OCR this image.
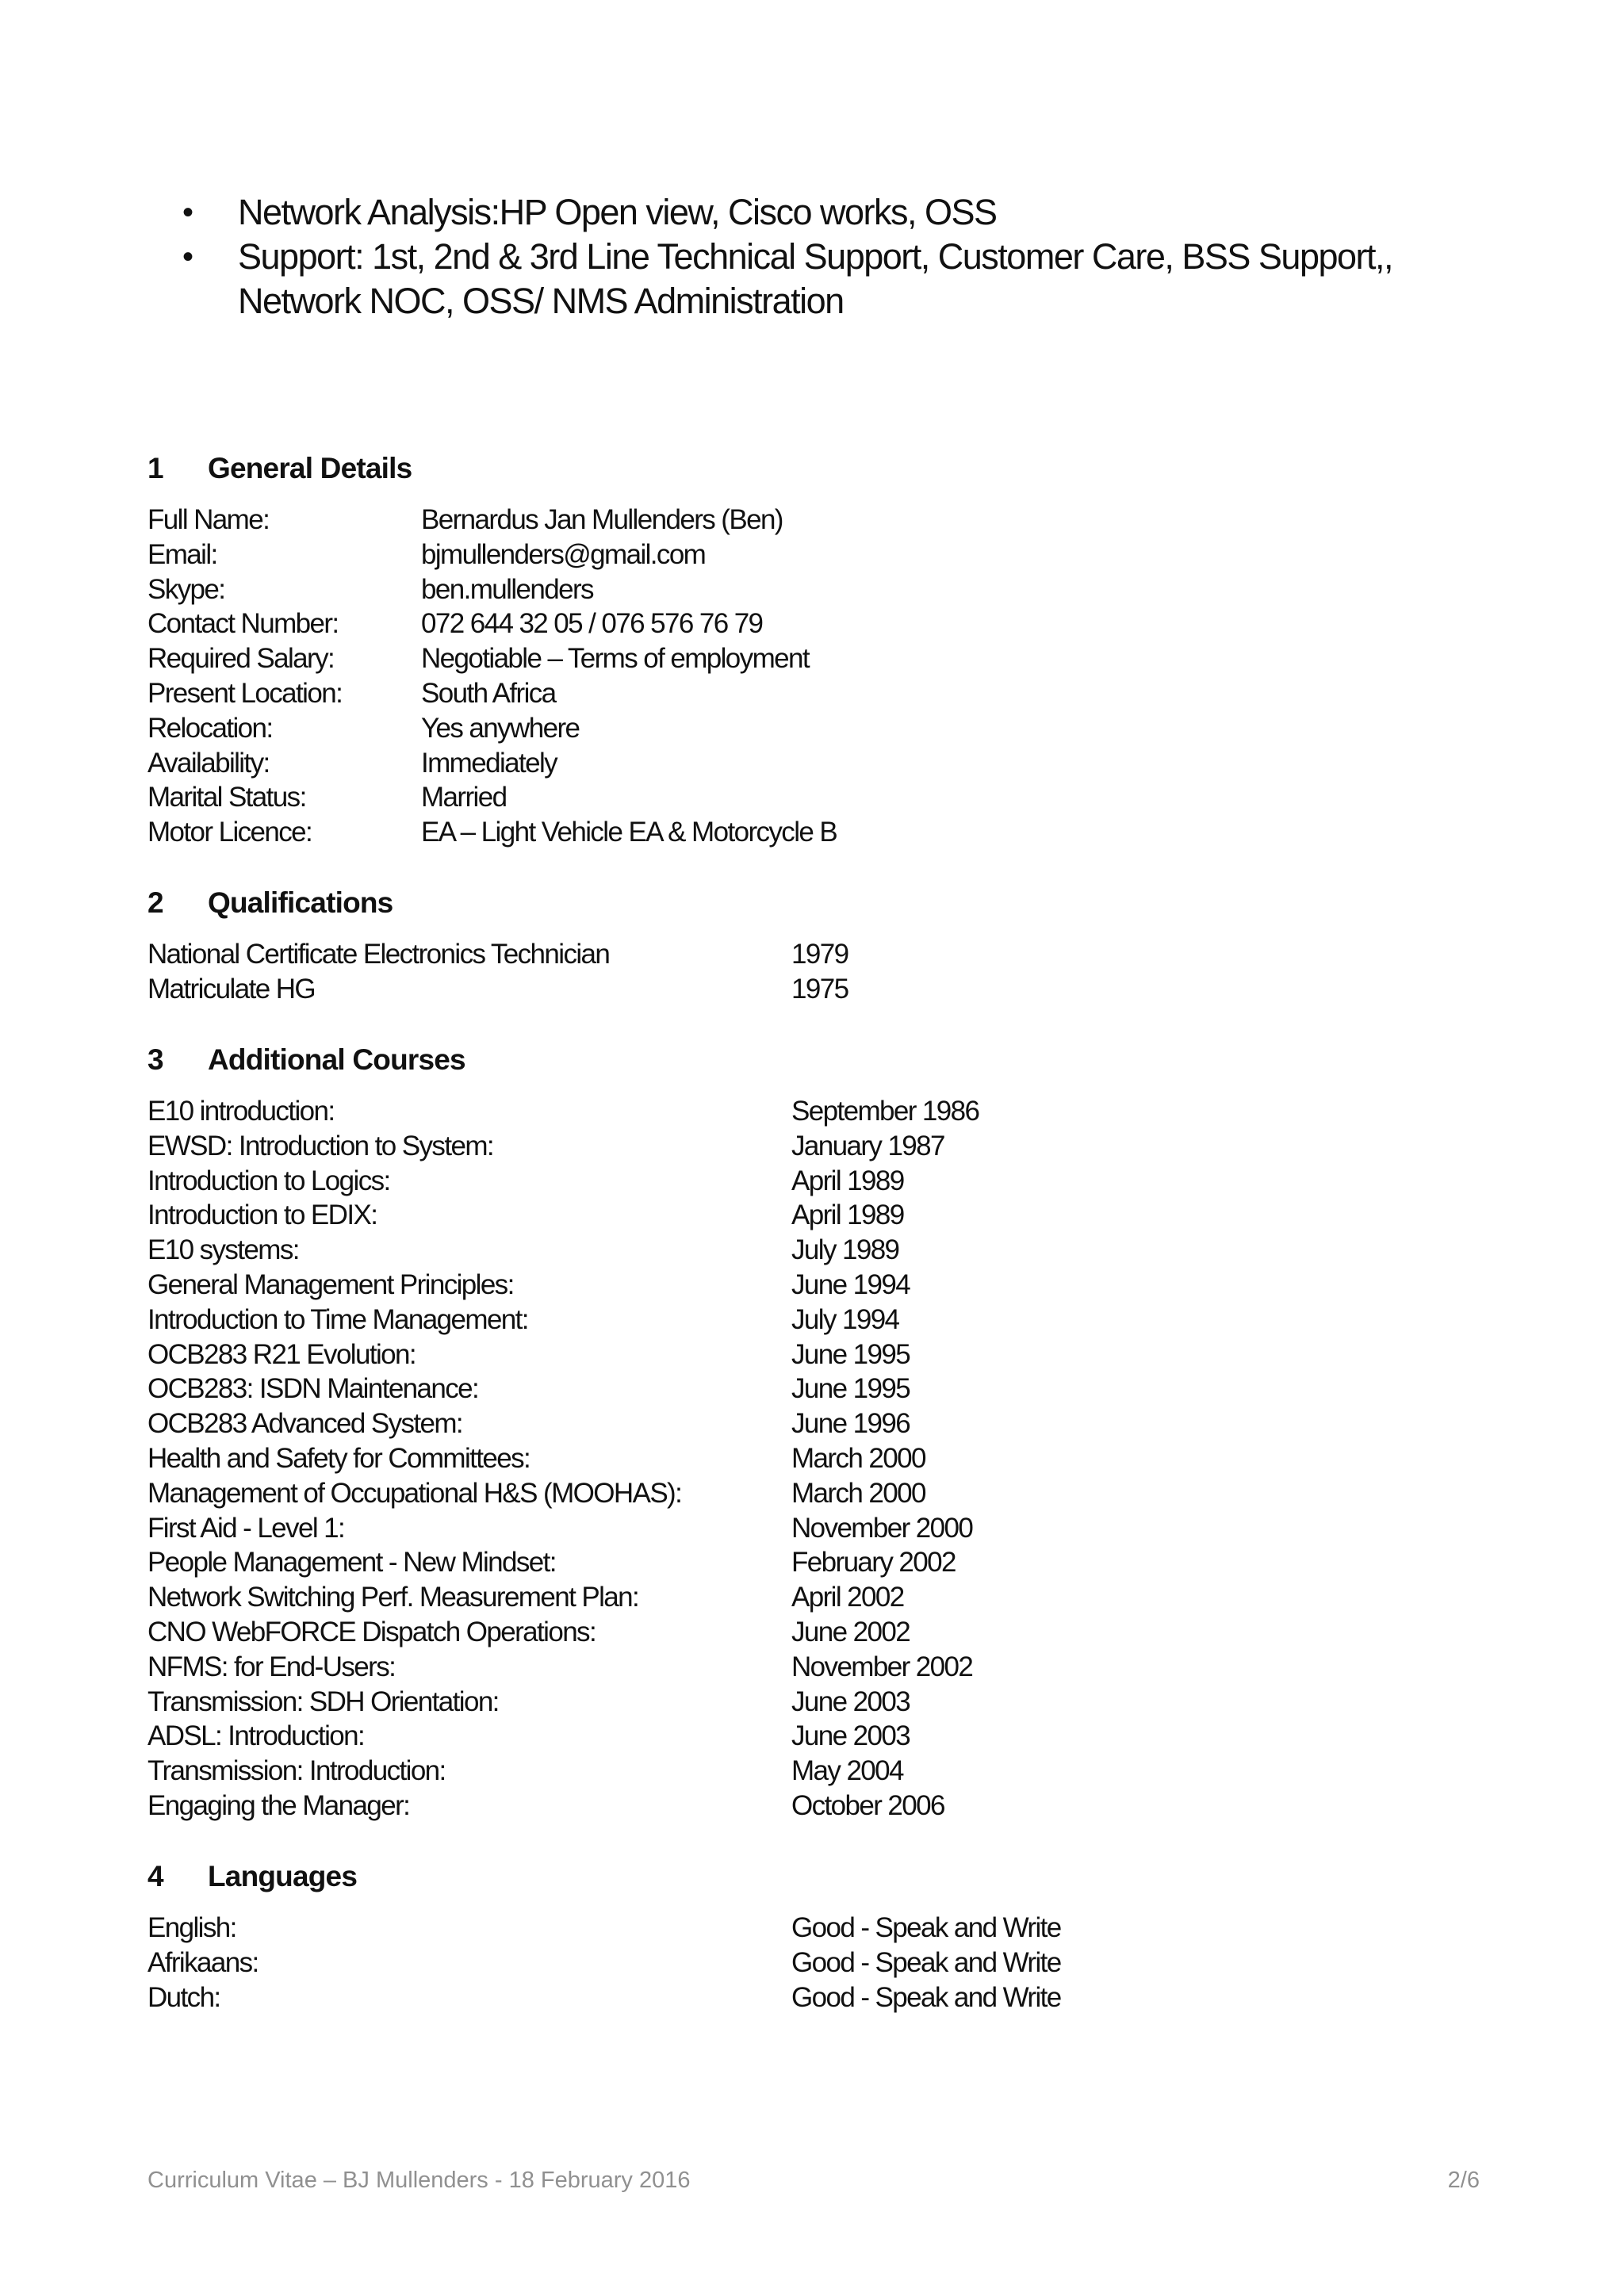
• Network Analysis:HP Open view, Cisco works, OSS
• Support: 1st, 2nd & 3rd Line Technical Support, Customer Care, BSS Support,, Network NOC, OSS/ NMS Administration
1 General Details
Full Name:	Bernardus Jan Mullenders (Ben)
Email:	bjmullenders@gmail.com
Skype:	ben.mullenders
Contact Number:	072 644 32 05 / 076 576 76 79
Required Salary:	Negotiable – Terms of employment
Present Location:	South Africa
Relocation:	Yes anywhere
Availability:	Immediately
Marital Status:	Married
Motor Licence:	EA – Light Vehicle EA & Motorcycle B
2 Qualifications
National Certificate Electronics Technician	1979
Matriculate HG	1975
3 Additional Courses
E10 introduction:	September 1986
EWSD: Introduction to System:	January 1987
Introduction to Logics:	April 1989
Introduction to EDIX:	April 1989
E10 systems:	July 1989
General Management Principles:	June 1994
Introduction to Time Management:	July 1994
OCB283 R21 Evolution:	June 1995
OCB283: ISDN Maintenance:	June 1995
OCB283 Advanced System:	June 1996
Health and Safety for Committees:	March 2000
Management of Occupational H&S (MOOHAS):	March 2000
First Aid - Level 1:	November 2000
People Management - New Mindset:	February 2002
Network Switching Perf. Measurement Plan:	April 2002
CNO WebFORCE Dispatch Operations:	June 2002
NFMS: for End-Users:	November 2002
Transmission: SDH Orientation:	June 2003
ADSL: Introduction:	June 2003
Transmission: Introduction:	May 2004
Engaging the Manager:	October 2006
4 Languages
English:	Good - Speak and Write
Afrikaans:	Good - Speak and Write
Dutch:	Good - Speak and Write
Curriculum Vitae – BJ Mullenders - 18 February 2016	2/6
